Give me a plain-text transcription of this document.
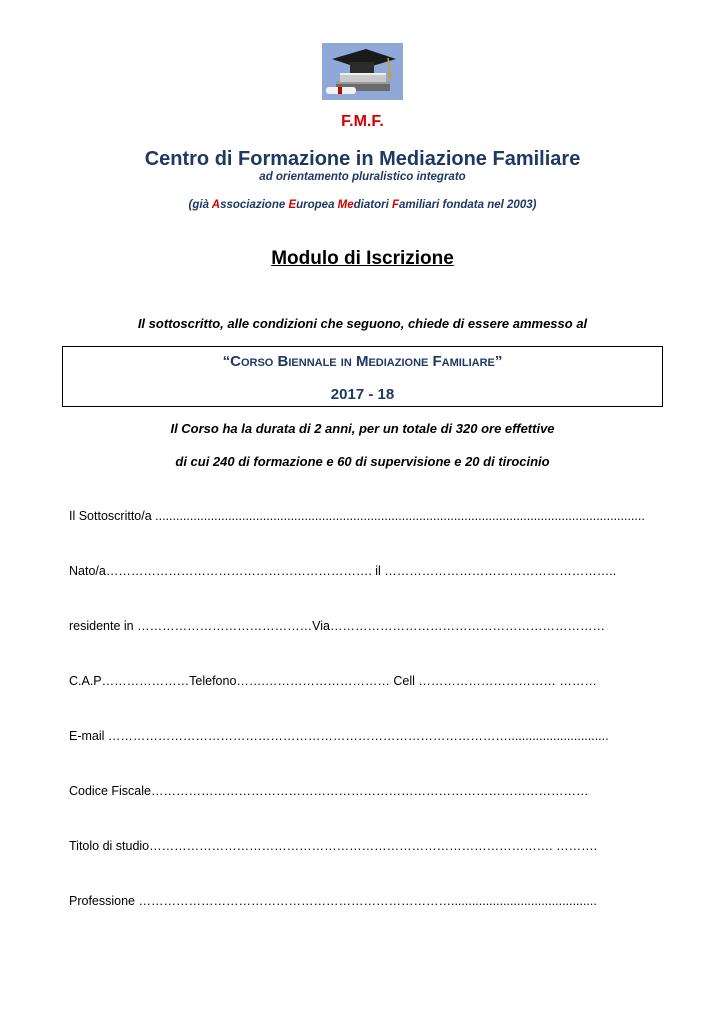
F.M.F.
Centro di Formazione in Mediazione Familiare
ad orientamento pluralistico integrato
(già Associazione Europea Mediatori Familiari fondata nel 2003)
Modulo di Iscrizione
Il sottoscritto, alle condizioni che seguono, chiede di essere ammesso al
“Corso Biennale in Mediazione Familiare”
2017 - 18
Il Corso ha la durata di 2 anni, per un totale di 320 ore effettive
di cui 240 di formazione e 60 di supervisione e 20 di tirocinio
Il Sottoscritto/a .............................................................................................................................................
Nato/a………………………………………………………. il ………………………………………………..
residente in ……………………………………Via…………………………………………………………
C.A.P…………………Telefono…….………………………… Cell …………………………… ………
E-mail …………………………………………………………………………………….............................
Codice Fiscale……………………………………………………………………………………………
Titolo di studio……………………………………………………………………………………. ……….
Professione …………………………………………………………………..........................................
